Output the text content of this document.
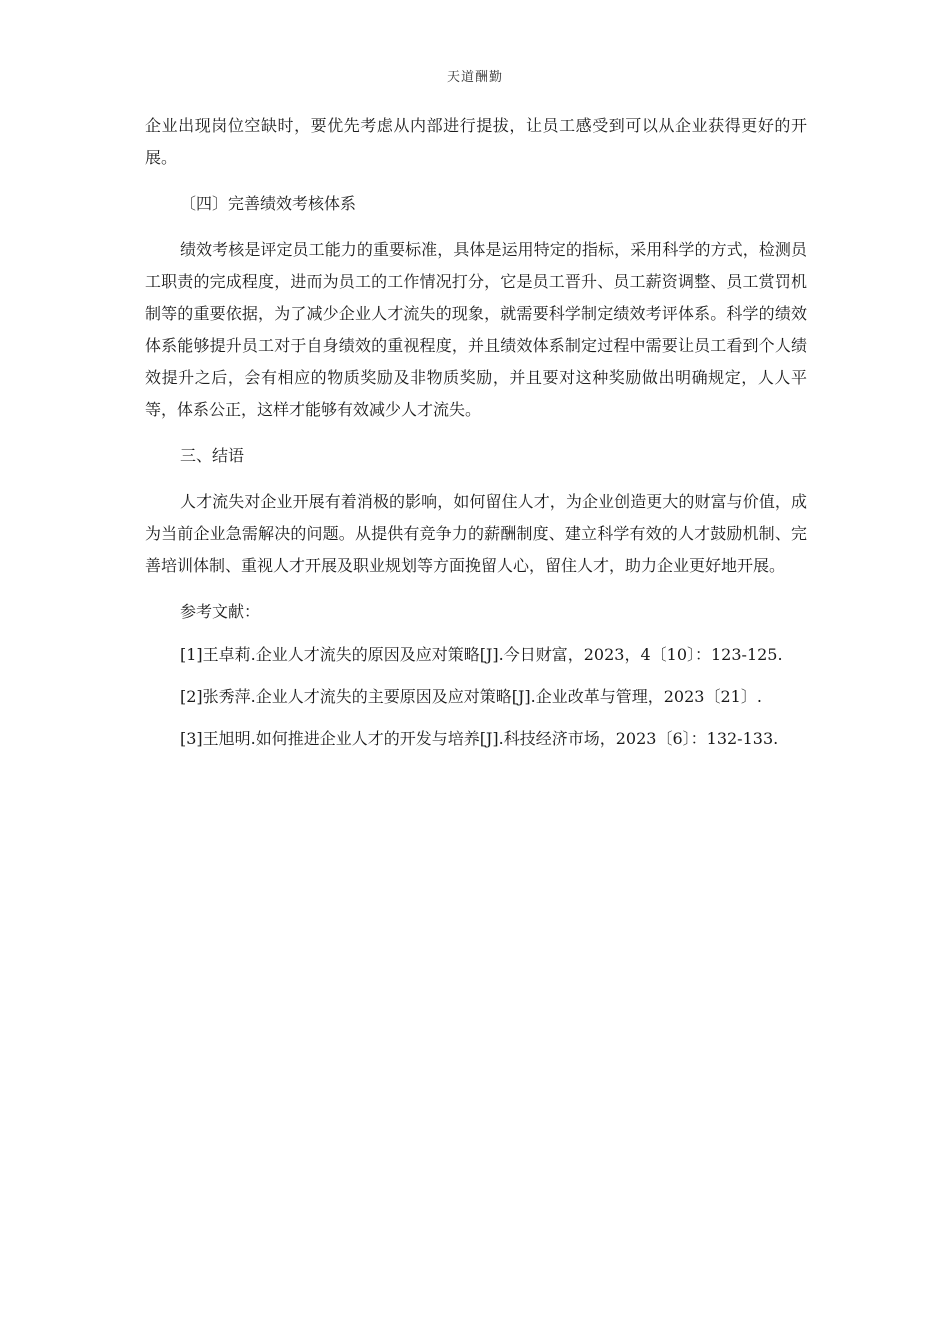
天道酬勤

企业出现岗位空缺时，要优先考虑从内部进行提拔，让员工感受到可以从企业获得更好的开展。

〔四〕完善绩效考核体系

绩效考核是评定员工能力的重要标准，具体是运用特定的指标，采用科学的方式，检测员工职责的完成程度，进而为员工的工作情况打分，它是员工晋升、员工薪资调整、员工赏罚机制等的重要依据，为了减少企业人才流失的现象，就需要科学制定绩效考评体系。科学的绩效体系能够提升员工对于自身绩效的重视程度，并且绩效体系制定过程中需要让员工看到个人绩效提升之后，会有相应的物质奖励及非物质奖励，并且要对这种奖励做出明确规定，人人平等，体系公正，这样才能够有效减少人才流失。

三、结语

人才流失对企业开展有着消极的影响，如何留住人才，为企业创造更大的财富与价值，成为当前企业急需解决的问题。从提供有竞争力的薪酬制度、建立科学有效的人才鼓励机制、完善培训体制、重视人才开展及职业规划等方面挽留人心，留住人才，助力企业更好地开展。

参考文献：

[1]王卓莉.企业人才流失的原因及应对策略[J].今日财富，2023，4〔10〕：123-125.

[2]张秀萍.企业人才流失的主要原因及应对策略[J].企业改革与管理，2023〔21〕.

[3]王旭明.如何推进企业人才的开发与培养[J].科技经济市场，2023〔6〕：132-133.
